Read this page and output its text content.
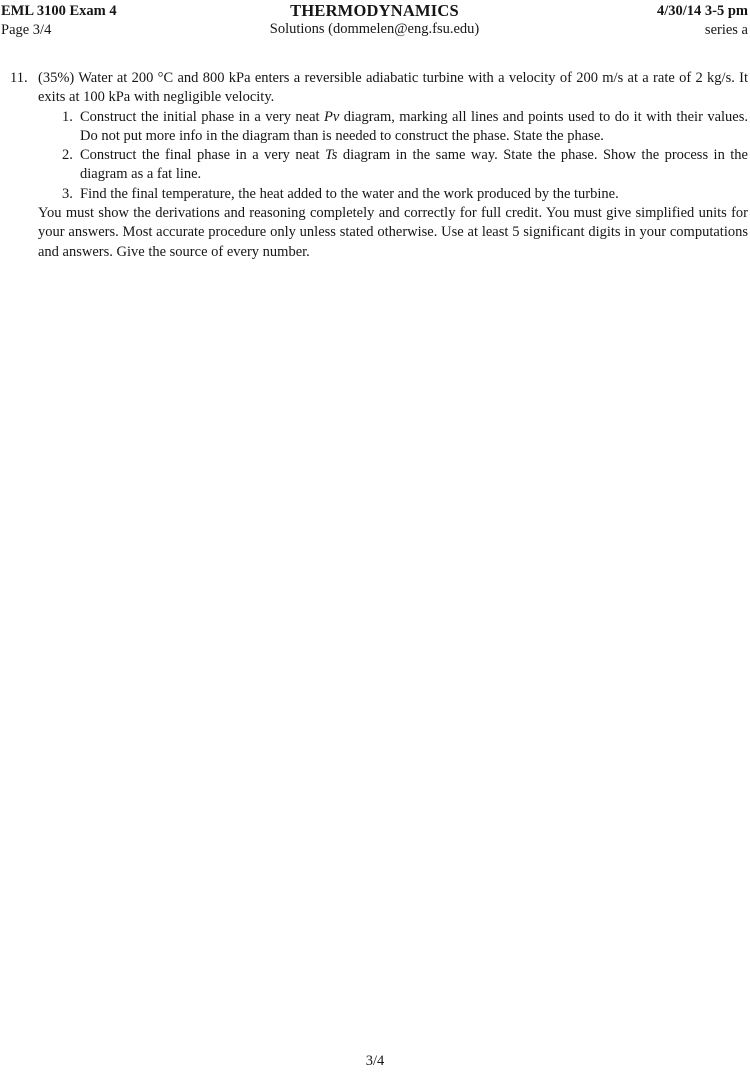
EML 3100 Exam 4
Page 3/4
THERMODYNAMICS
Solutions (dommelen@eng.fsu.edu)
4/30/14 3-5 pm
series a
11. (35%) Water at 200 °C and 800 kPa enters a reversible adiabatic turbine with a velocity of 200 m/s at a rate of 2 kg/s. It exits at 100 kPa with negligible velocity.

1. Construct the initial phase in a very neat Pv diagram, marking all lines and points used to do it with their values. Do not put more info in the diagram than is needed to construct the phase. State the phase.
2. Construct the final phase in a very neat Ts diagram in the same way. State the phase. Show the process in the diagram as a fat line.
3. Find the final temperature, the heat added to the water and the work produced by the turbine.

You must show the derivations and reasoning completely and correctly for full credit. You must give simplified units for your answers. Most accurate procedure only unless stated otherwise. Use at least 5 significant digits in your computations and answers. Give the source of every number.

3/4
